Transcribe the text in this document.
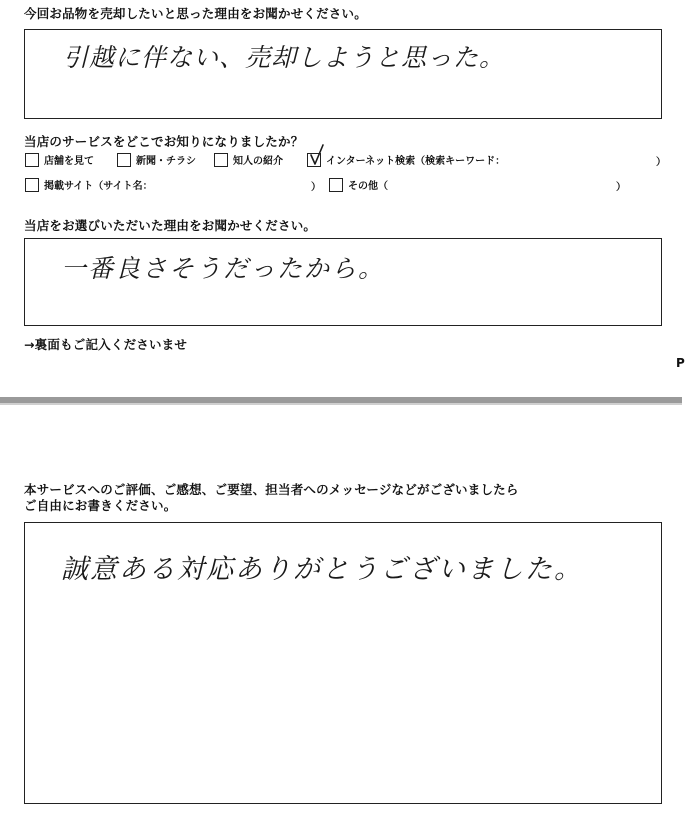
今回お品物を売却したいと思った理由をお聞かせください。
引越に伴ない、売却しようと思った。
当店のサービスをどこでお知りになりましたか？
店舗を見て	新聞・チラシ	知人の紹介	インターネット検索（検索キーワード：	）
掲載サイト（サイト名：	）	その他（	）
当店をお選びいただいた理由をお聞かせください。
一番良さそうだったから。
→裏面もご記入くださいませ
P
本サービスへのご評価、ご感想、ご要望、担当者へのメッセージなどがございましたら
ご自由にお書きください。
誠意ある対応ありがとうございました。
